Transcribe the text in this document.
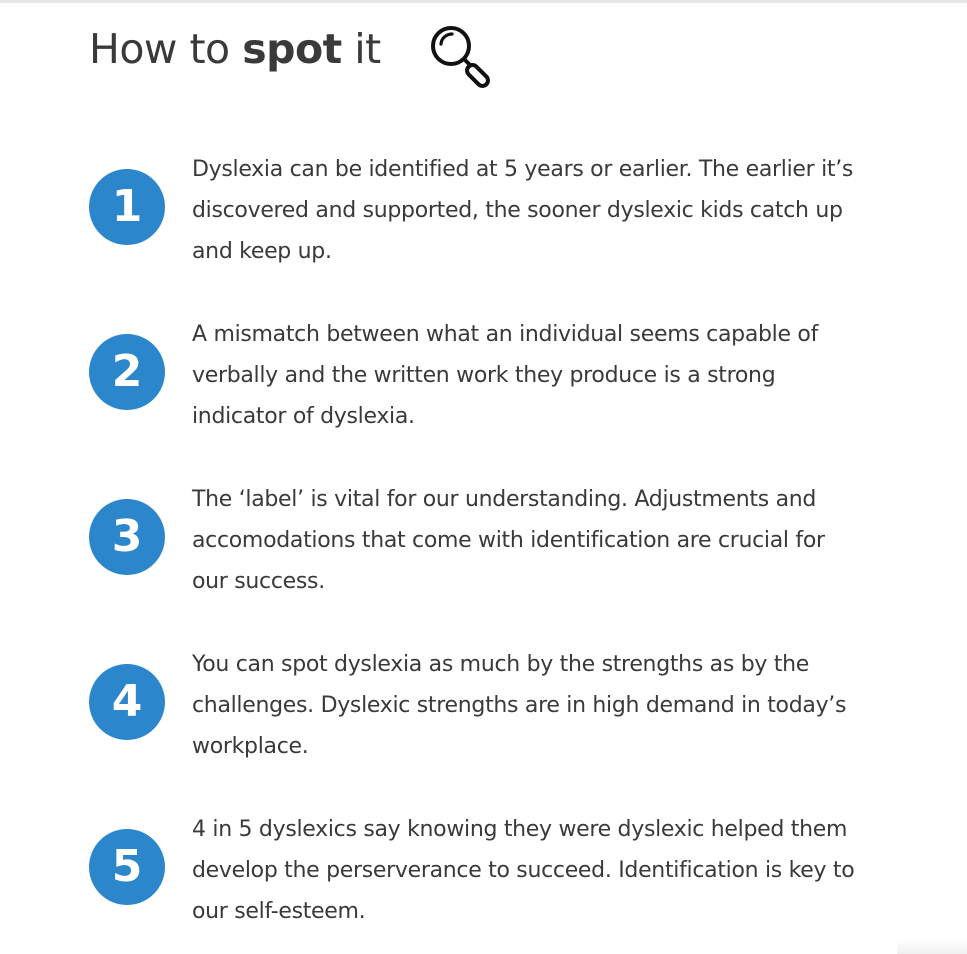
How to spot it
1

Dyslexia can be identified at 5 years or earlier. The earlier it’s discovered and supported, the sooner dyslexic kids catch up and keep up.

2

A mismatch between what an individual seems capable of verbally and the written work they produce is a strong indicator of dyslexia.

3

The ‘label’ is vital for our understanding. Adjustments and accomodations that come with identification are crucial for our success.

4

You can spot dyslexia as much by the strengths as by the challenges. Dyslexic strengths are in high demand in today’s workplace.

5

4 in 5 dyslexics say knowing they were dyslexic helped them develop the perserverance to succeed. Identification is key to our self-esteem.
